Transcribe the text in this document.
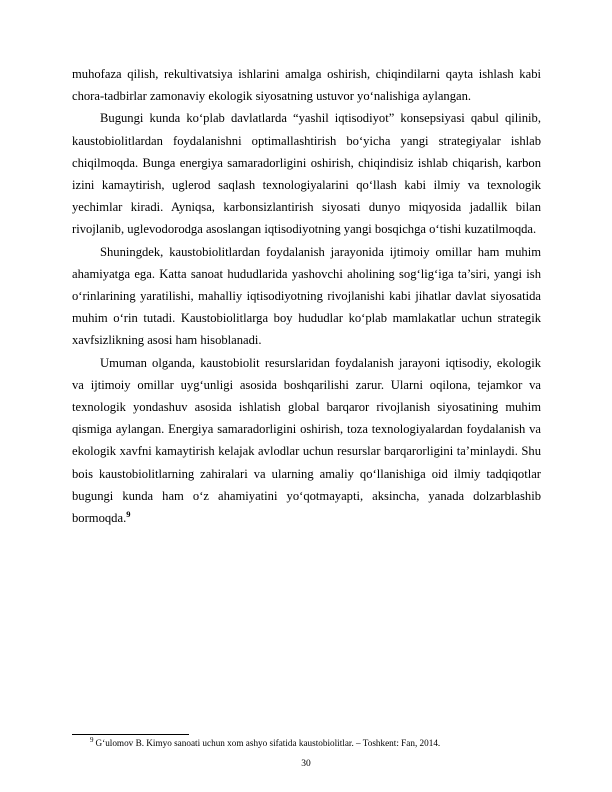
muhofaza qilish, rekultivatsiya ishlarini amalga oshirish, chiqindilarni qayta ishlash kabi chora-tadbirlar zamonaviy ekologik siyosatning ustuvor yo‘nalishiga aylangan.

Bugungi kunda ko‘plab davlatlarda “yashil iqtisodiyot” konsepsiyasi qabul qilinib, kaustobiolitlardan foydalanishni optimallashtirish bo‘yicha yangi strategiyalar ishlab chiqilmoqda. Bunga energiya samaradorligini oshirish, chiqindisiz ishlab chiqarish, karbon izini kamaytirish, uglerod saqlash texnologiyalarini qo‘llash kabi ilmiy va texnologik yechimlar kiradi. Ayniqsa, karbonsizlantirish siyosati dunyo miqyosida jadallik bilan rivojlanib, uglevodorodga asoslangan iqtisodiyotning yangi bosqichga o‘tishi kuzatilmoqda.

Shuningdek, kaustobiolitlardan foydalanish jarayonida ijtimoiy omillar ham muhim ahamiyatga ega. Katta sanoat hududlarida yashovchi aholining sog‘lig‘iga ta’siri, yangi ish o‘rinlarining yaratilishi, mahalliy iqtisodiyotning rivojlanishi kabi jihatlar davlat siyosatida muhim o‘rin tutadi. Kaustobiolitlarga boy hududlar ko‘plab mamlakatlar uchun strategik xavfsizlikning asosi ham hisoblanadi.

Umuman olganda, kaustobiolit resurslaridan foydalanish jarayoni iqtisodiy, ekologik va ijtimoiy omillar uyg‘unligi asosida boshqarilishi zarur. Ularni oqilona, tejamkor va texnologik yondashuv asosida ishlatish global barqaror rivojlanish siyosatining muhim qismiga aylangan. Energiya samaradorligini oshirish, toza texnologiyalardan foydalanish va ekologik xavfni kamaytirish kelajak avlodlar uchun resurslar barqarorligini ta’minlaydi. Shu bois kaustobiolitlarning zahiralari va ularning amaliy qo‘llanishiga oid ilmiy tadqiqotlar bugungi kunda ham o‘z ahamiyatini yo‘qotmayapti, aksincha, yanada dolzarblashib bormoqda.$^9$

$^9$ G‘ulomov B. Kimyo sanoati uchun xom ashyo sifatida kaustobiolitlar. – Toshkent: Fan, 2014.
30
